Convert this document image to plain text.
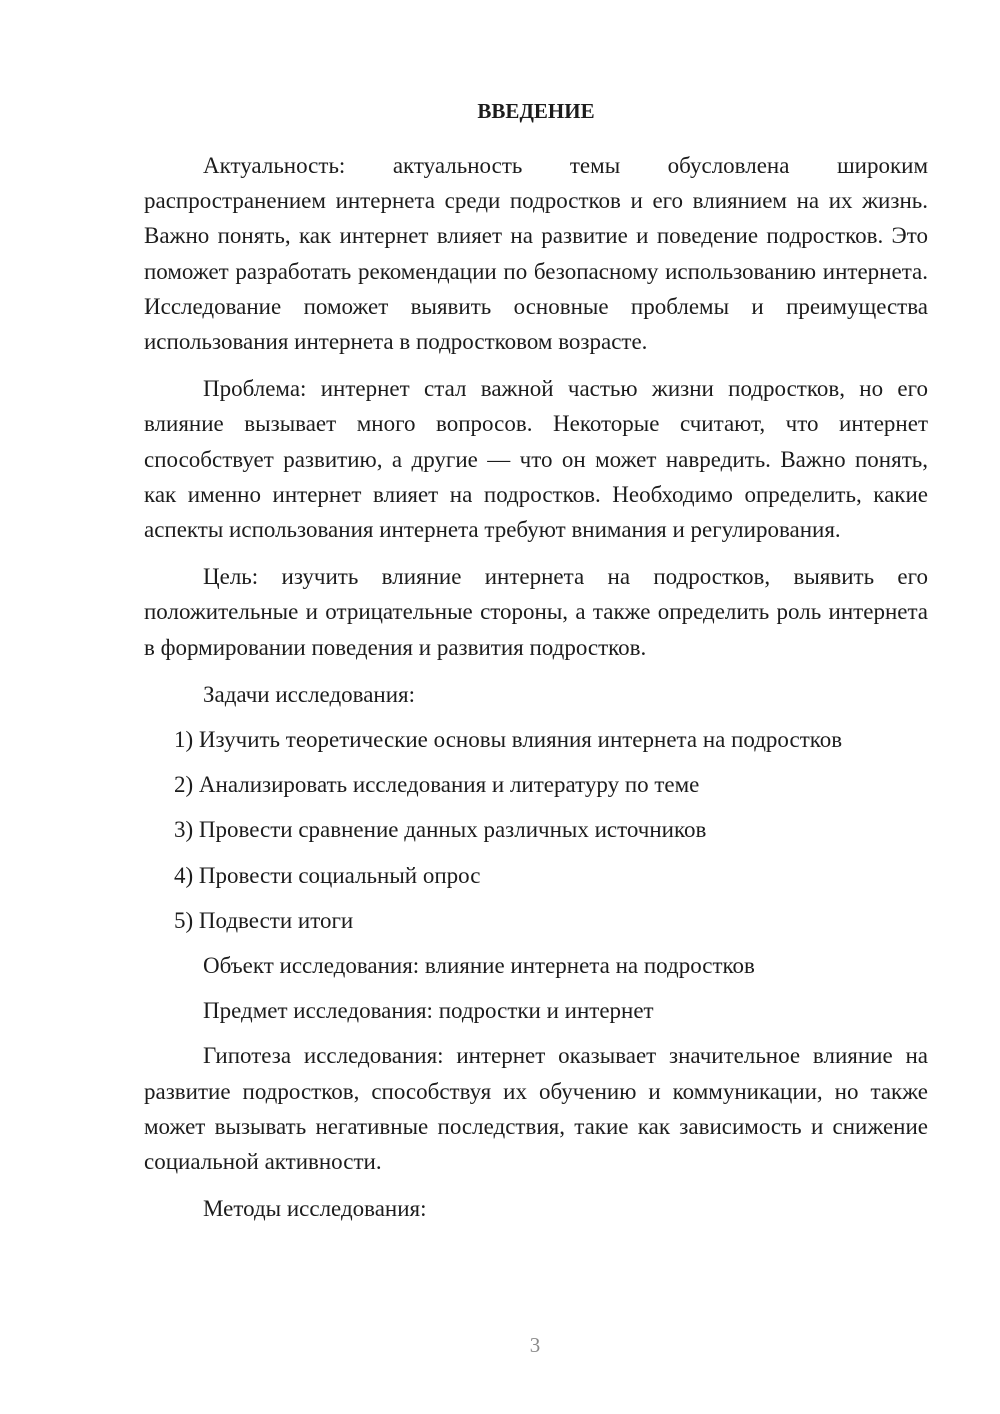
ВВЕДЕНИЕ

Актуальность: актуальность темы обусловлена широким распространением интернета среди подростков и его влиянием на их жизнь. Важно понять, как интернет влияет на развитие и поведение подростков. Это поможет разработать рекомендации по безопасному использованию интернета. Исследование поможет выявить основные проблемы и преимущества использования интернета в подростковом возрасте.

Проблема: интернет стал важной частью жизни подростков, но его влияние вызывает много вопросов. Некоторые считают, что интернет способствует развитию, а другие — что он может навредить. Важно понять, как именно интернет влияет на подростков. Необходимо определить, какие аспекты использования интернета требуют внимания и регулирования.

Цель: изучить влияние интернета на подростков, выявить его положительные и отрицательные стороны, а также определить роль интернета в формировании поведения и развития подростков.

Задачи исследования:

1) Изучить теоретические основы влияния интернета на подростков

2) Анализировать исследования и литературу по теме

3) Провести сравнение данных различных источников

4) Провести социальный опрос

5) Подвести итоги

Объект исследования: влияние интернета на подростков

Предмет исследования: подростки и интернет

Гипотеза исследования: интернет оказывает значительное влияние на развитие подростков, способствуя их обучению и коммуникации, но также может вызывать негативные последствия, такие как зависимость и снижение социальной активности.

Методы исследования:

3
